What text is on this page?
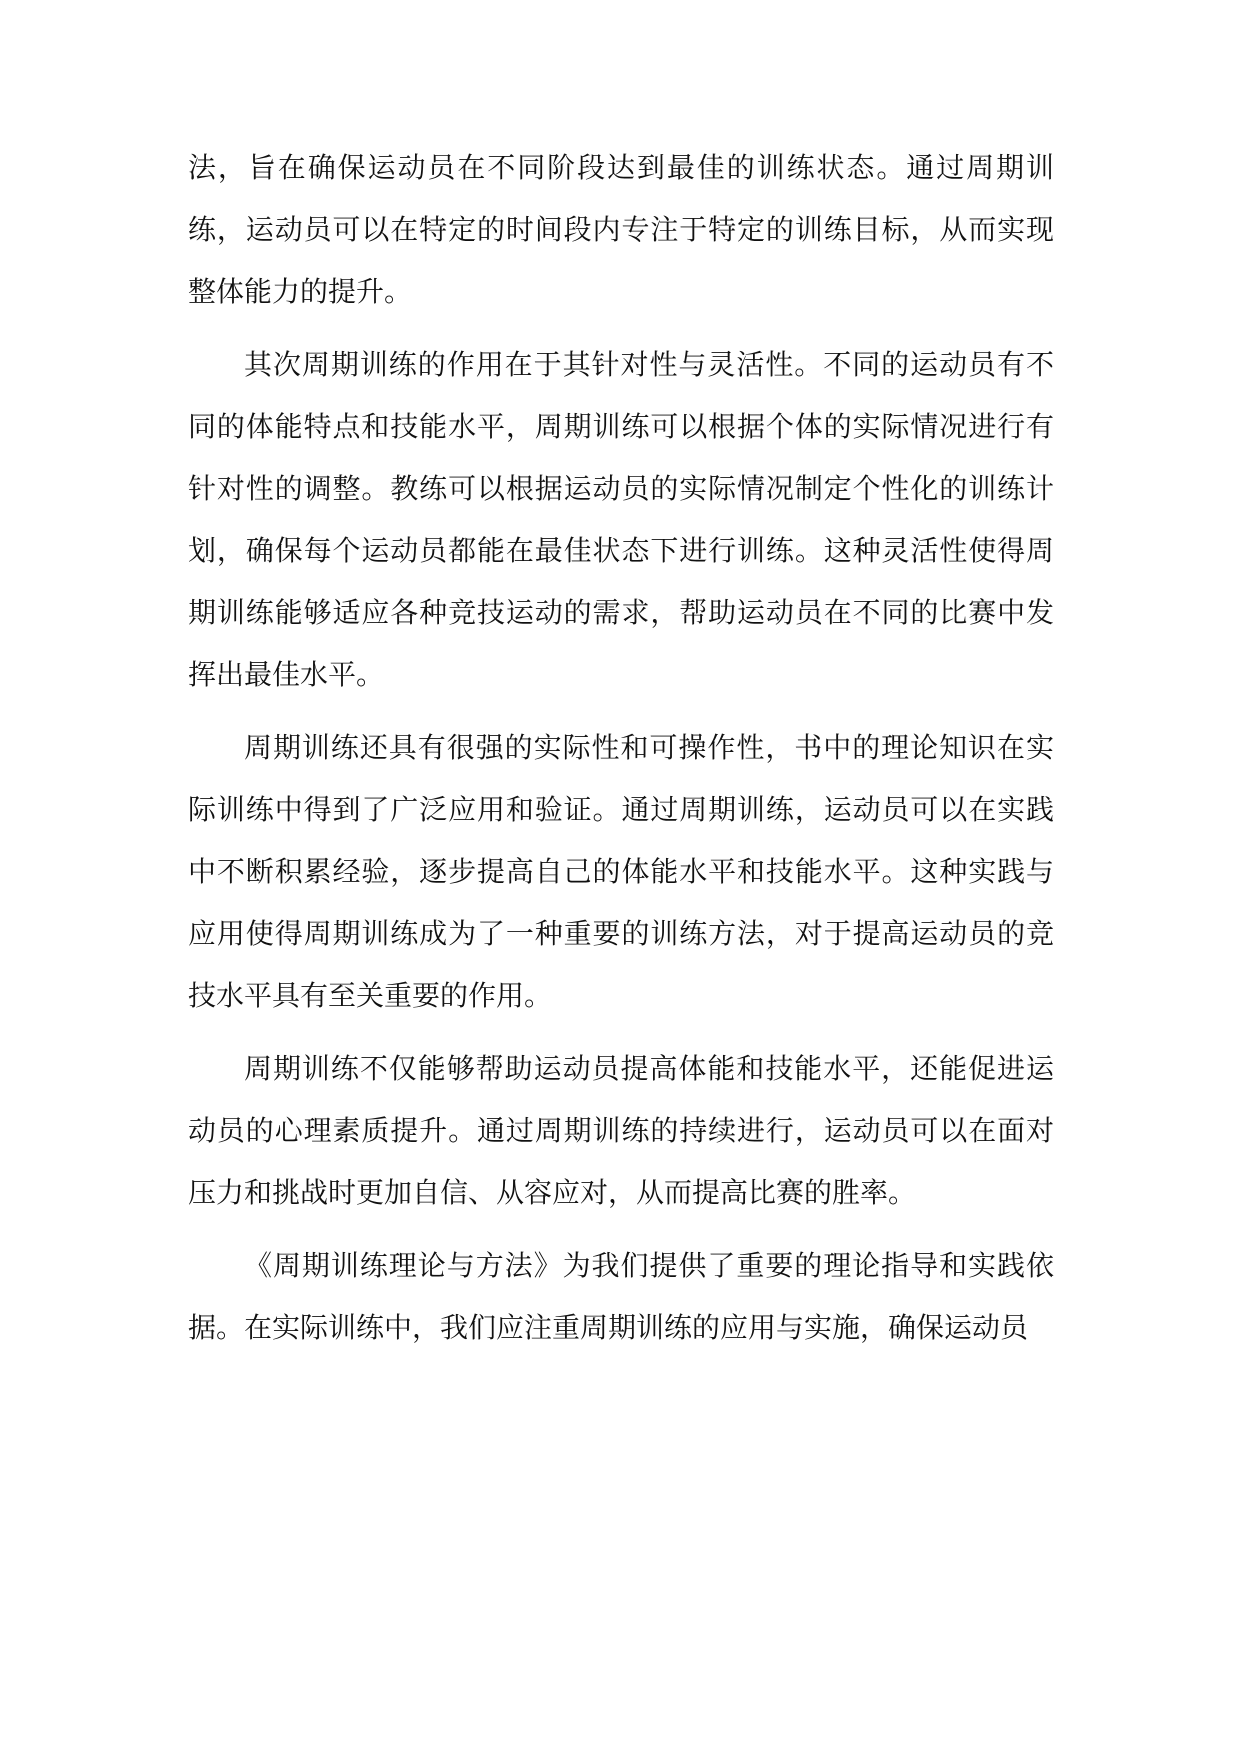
法，旨在确保运动员在不同阶段达到最佳的训练状态。通过周期训练，运动员可以在特定的时间段内专注于特定的训练目标，从而实现整体能力的提升。

其次周期训练的作用在于其针对性与灵活性。不同的运动员有不同的体能特点和技能水平，周期训练可以根据个体的实际情况进行有针对性的调整。教练可以根据运动员的实际情况制定个性化的训练计划，确保每个运动员都能在最佳状态下进行训练。这种灵活性使得周期训练能够适应各种竞技运动的需求，帮助运动员在不同的比赛中发挥出最佳水平。

周期训练还具有很强的实际性和可操作性，书中的理论知识在实际训练中得到了广泛应用和验证。通过周期训练，运动员可以在实践中不断积累经验，逐步提高自己的体能水平和技能水平。这种实践与应用使得周期训练成为了一种重要的训练方法，对于提高运动员的竞技水平具有至关重要的作用。

周期训练不仅能够帮助运动员提高体能和技能水平，还能促进运动员的心理素质提升。通过周期训练的持续进行，运动员可以在面对压力和挑战时更加自信、从容应对，从而提高比赛的胜率。

《周期训练理论与方法》为我们提供了重要的理论指导和实践依据。在实际训练中，我们应注重周期训练的应用与实施，确保运动员
